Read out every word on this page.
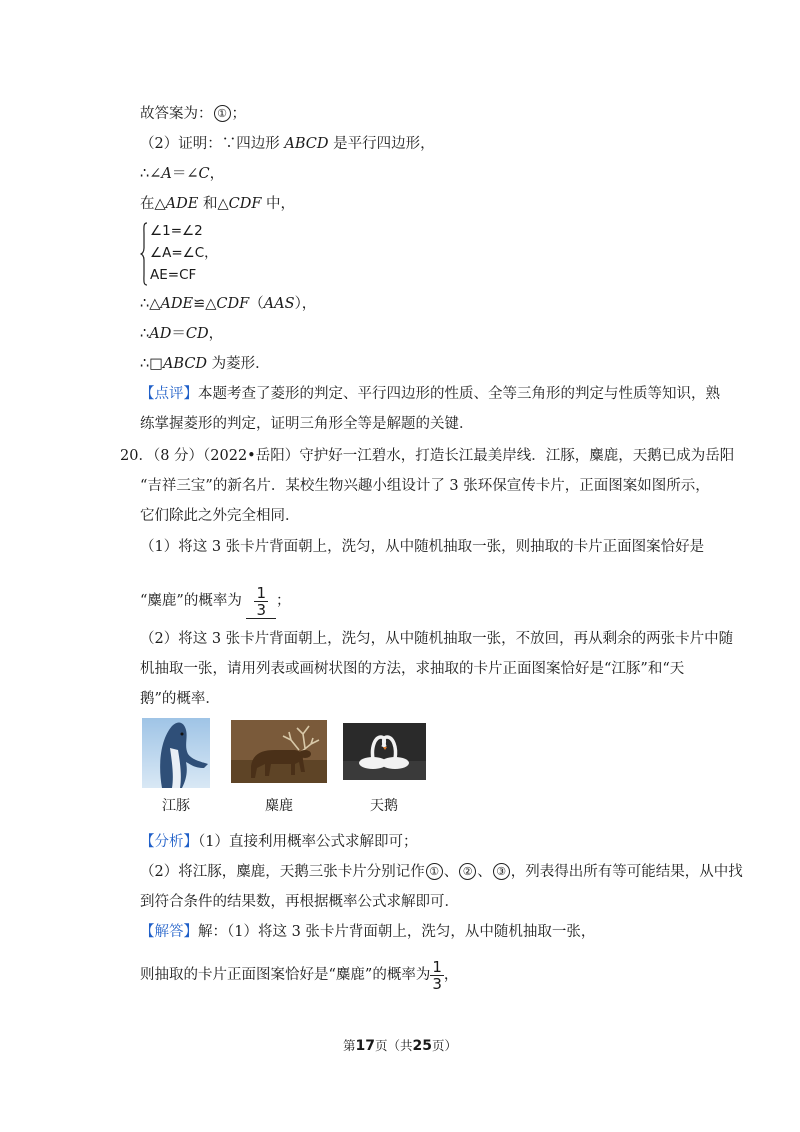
故答案为： ① ；
（2）证明：∵四边形 ABCD 是平行四边形，
∴∠A＝∠C，
在△ADE 和△CDF 中，
∠1=∠2
∠A=∠C，
AE=CF
∴△ADE≌△CDF（AAS），
∴AD＝CD，
∴□ABCD 为菱形．
【点评】本题考查了菱形的判定、平行四边形的性质、全等三角形的判定与性质等知识，熟
练掌握菱形的判定，证明三角形全等是解题的关键．
20．（8 分）（2022•岳阳）守护好一江碧水，打造长江最美岸线．江豚，麋鹿，天鹅已成为岳阳
“吉祥三宝”的新名片．某校生物兴趣小组设计了 3 张环保宣传卡片，正面图案如图所示，
它们除此之外完全相同．
（1）将这 3 张卡片背面朝上，洗匀，从中随机抽取一张，则抽取的卡片正面图案恰好是
“麋鹿”的概率为 $\frac{1}{3}$ ；
（2）将这 3 张卡片背面朝上，洗匀，从中随机抽取一张，不放回，再从剩余的两张卡片中随
机抽取一张，请用列表或画树状图的方法，求抽取的卡片正面图案恰好是“江豚”和“天
鹅”的概率．
江豚	麋鹿	天鹅
【分析】（1）直接利用概率公式求解即可；
（2）将江豚，麋鹿，天鹅三张卡片分别记作 ① 、 ② 、 ③ ，列表得出所有等可能结果，从中找
到符合条件的结果数，再根据概率公式求解即可．
【解答】解：（1）将这 3 张卡片背面朝上，洗匀，从中随机抽取一张，
则抽取的卡片正面图案恰好是“麋鹿”的概率为 $\frac{1}{3}$ ，
第17页（共25页）
